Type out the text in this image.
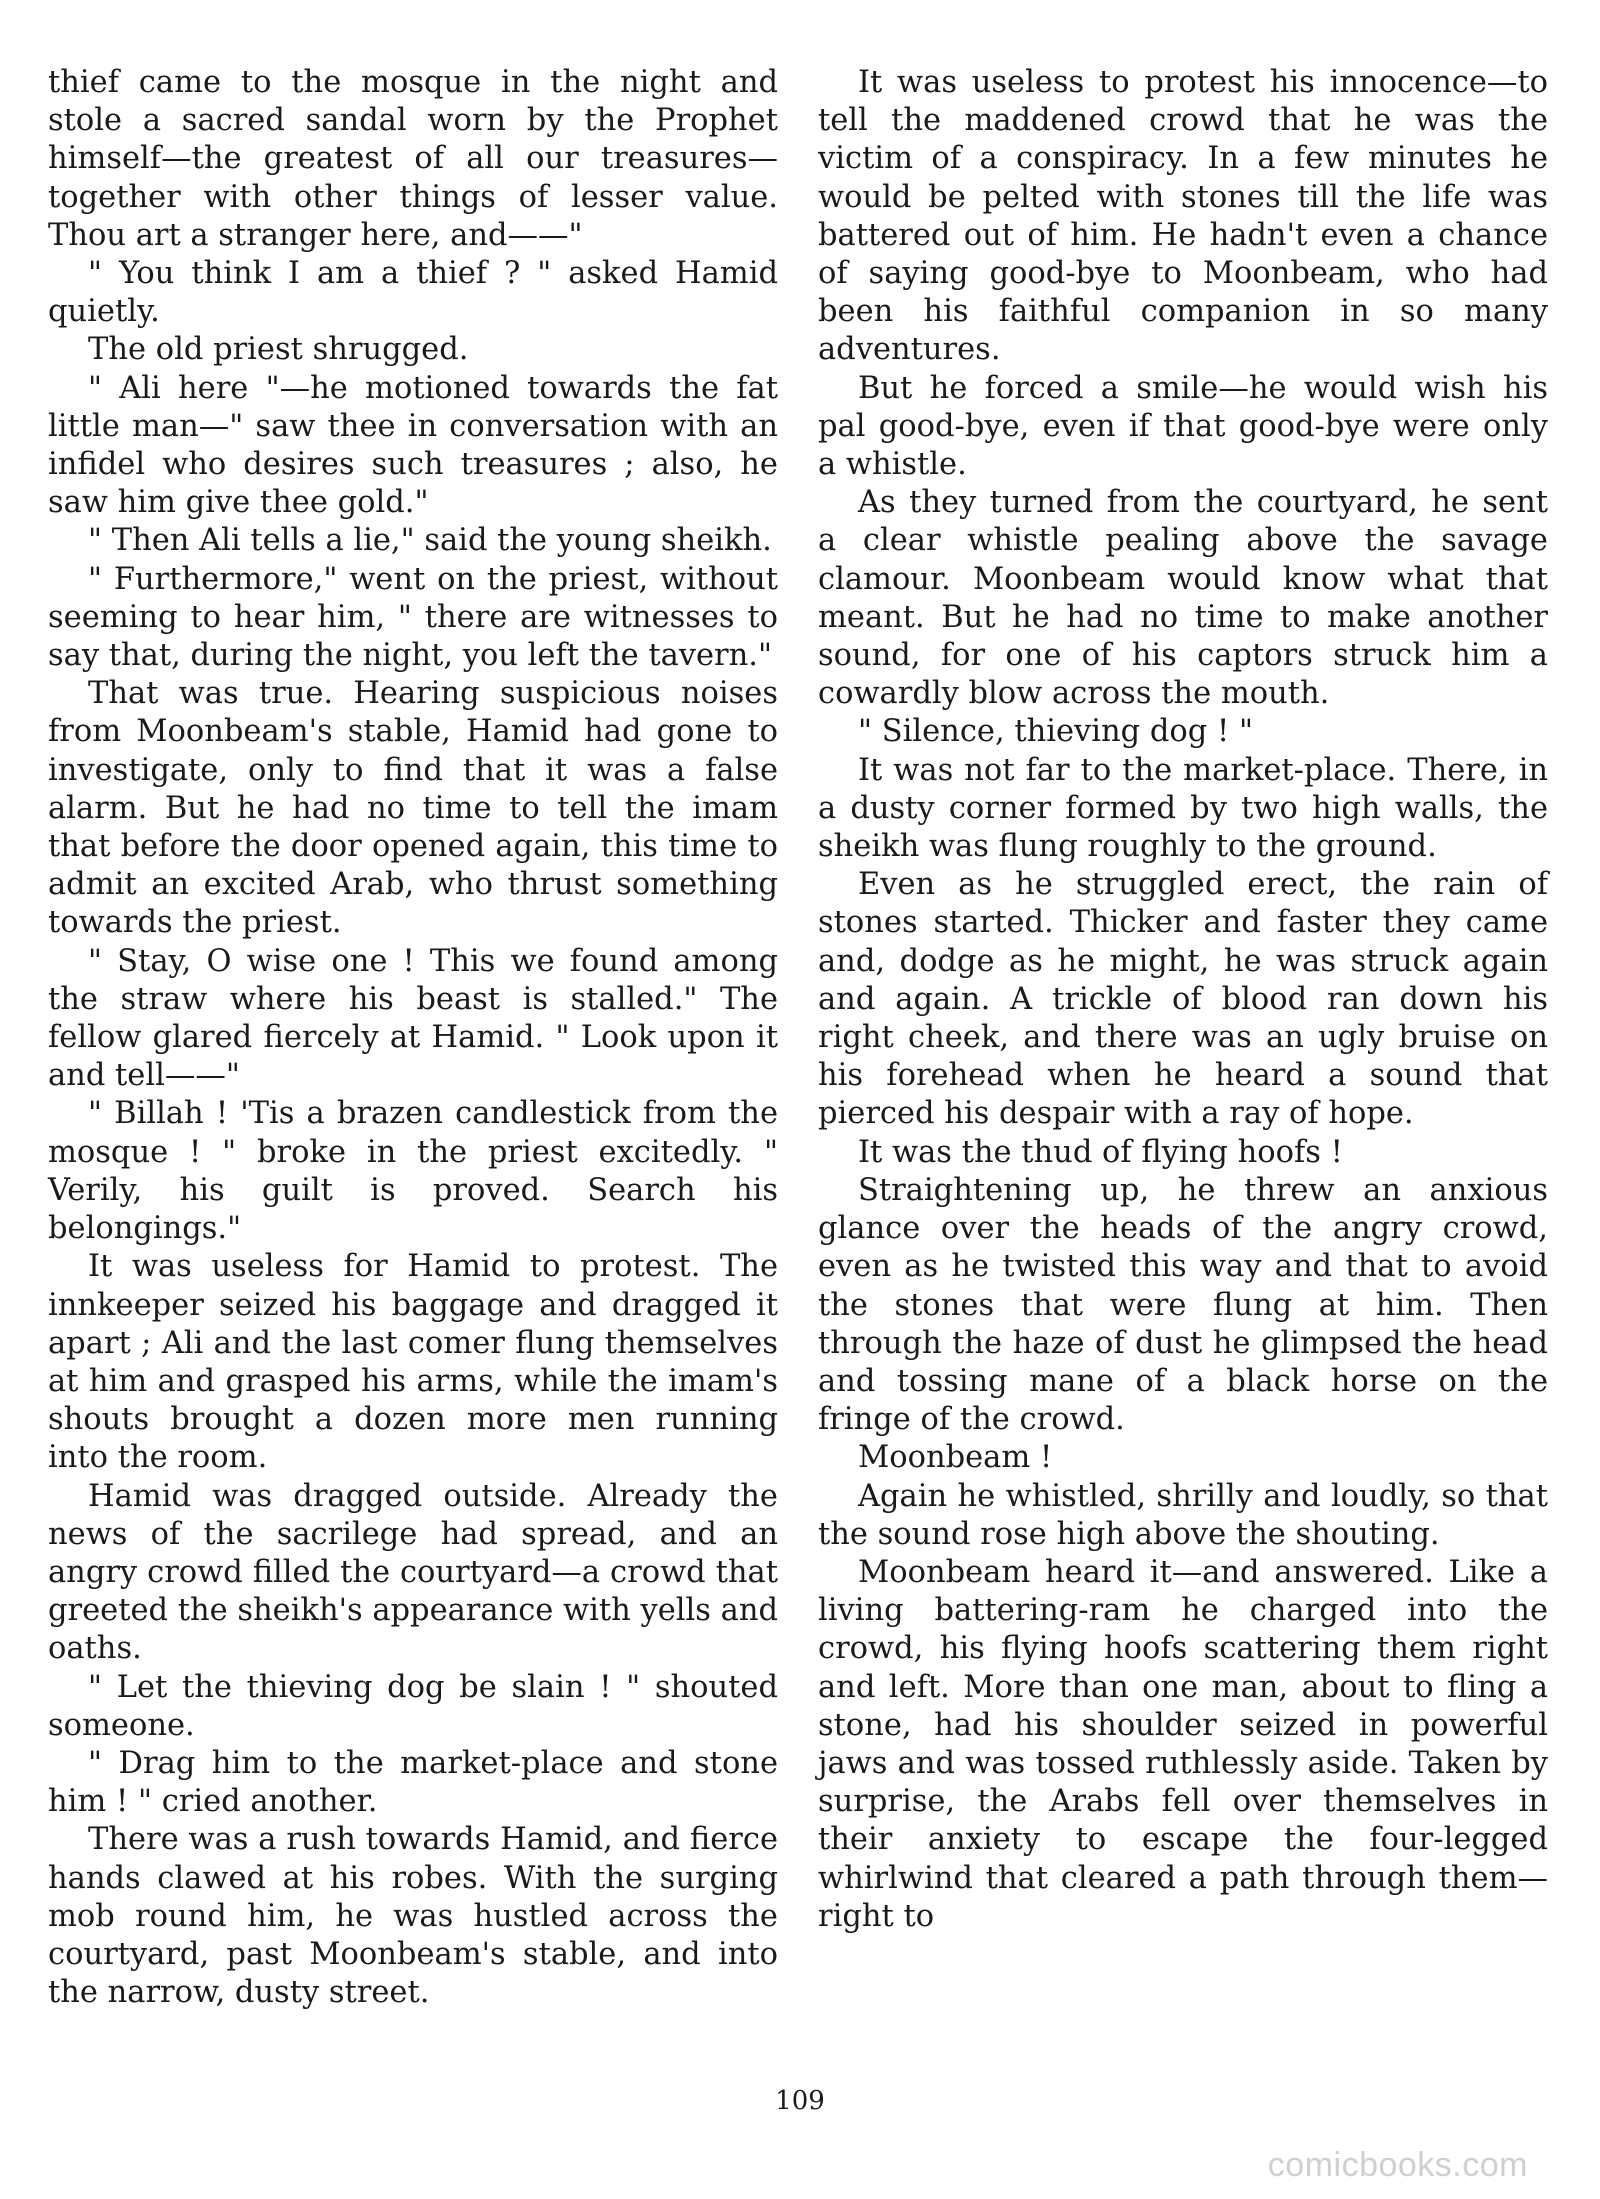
thief came to the mosque in the night and stole a sacred sandal worn by the Prophet himself—the greatest of all our treasures—together with other things of lesser value. Thou art a stranger here, and——"

" You think I am a thief ? " asked Hamid quietly.

The old priest shrugged.

" Ali here "—he motioned towards the fat little man—" saw thee in conversation with an infidel who desires such treasures ; also, he saw him give thee gold."

" Then Ali tells a lie," said the young sheikh.

" Furthermore," went on the priest, without seeming to hear him, " there are witnesses to say that, during the night, you left the tavern."

That was true. Hearing suspicious noises from Moonbeam's stable, Hamid had gone to investigate, only to find that it was a false alarm. But he had no time to tell the imam that before the door opened again, this time to admit an excited Arab, who thrust something towards the priest.

" Stay, O wise one ! This we found among the straw where his beast is stalled." The fellow glared fiercely at Hamid. " Look upon it and tell——"

" Billah ! 'Tis a brazen candlestick from the mosque ! " broke in the priest excitedly. " Verily, his guilt is proved. Search his belongings."

It was useless for Hamid to protest. The innkeeper seized his baggage and dragged it apart ; Ali and the last comer flung themselves at him and grasped his arms, while the imam's shouts brought a dozen more men running into the room.

Hamid was dragged outside. Already the news of the sacrilege had spread, and an angry crowd filled the courtyard—a crowd that greeted the sheikh's appearance with yells and oaths.

" Let the thieving dog be slain ! " shouted someone.

" Drag him to the market-place and stone him ! " cried another.

There was a rush towards Hamid, and fierce hands clawed at his robes. With the surging mob round him, he was hustled across the courtyard, past Moonbeam's stable, and into the narrow, dusty street.

It was useless to protest his innocence—to tell the maddened crowd that he was the victim of a conspiracy. In a few minutes he would be pelted with stones till the life was battered out of him. He hadn't even a chance of saying good-bye to Moonbeam, who had been his faithful companion in so many adventures.

But he forced a smile—he would wish his pal good-bye, even if that good-bye were only a whistle.

As they turned from the courtyard, he sent a clear whistle pealing above the savage clamour. Moonbeam would know what that meant. But he had no time to make another sound, for one of his captors struck him a cowardly blow across the mouth.

" Silence, thieving dog ! "

It was not far to the market-place. There, in a dusty corner formed by two high walls, the sheikh was flung roughly to the ground.

Even as he struggled erect, the rain of stones started. Thicker and faster they came and, dodge as he might, he was struck again and again. A trickle of blood ran down his right cheek, and there was an ugly bruise on his forehead when he heard a sound that pierced his despair with a ray of hope.

It was the thud of flying hoofs !

Straightening up, he threw an anxious glance over the heads of the angry crowd, even as he twisted this way and that to avoid the stones that were flung at him. Then through the haze of dust he glimpsed the head and tossing mane of a black horse on the fringe of the crowd.

Moonbeam !

Again he whistled, shrilly and loudly, so that the sound rose high above the shouting.

Moonbeam heard it—and answered. Like a living battering-ram he charged into the crowd, his flying hoofs scattering them right and left. More than one man, about to fling a stone, had his shoulder seized in powerful jaws and was tossed ruthlessly aside. Taken by surprise, the Arabs fell over themselves in their anxiety to escape the four-legged whirlwind that cleared a path through them—right to

109
comicbooks.com
